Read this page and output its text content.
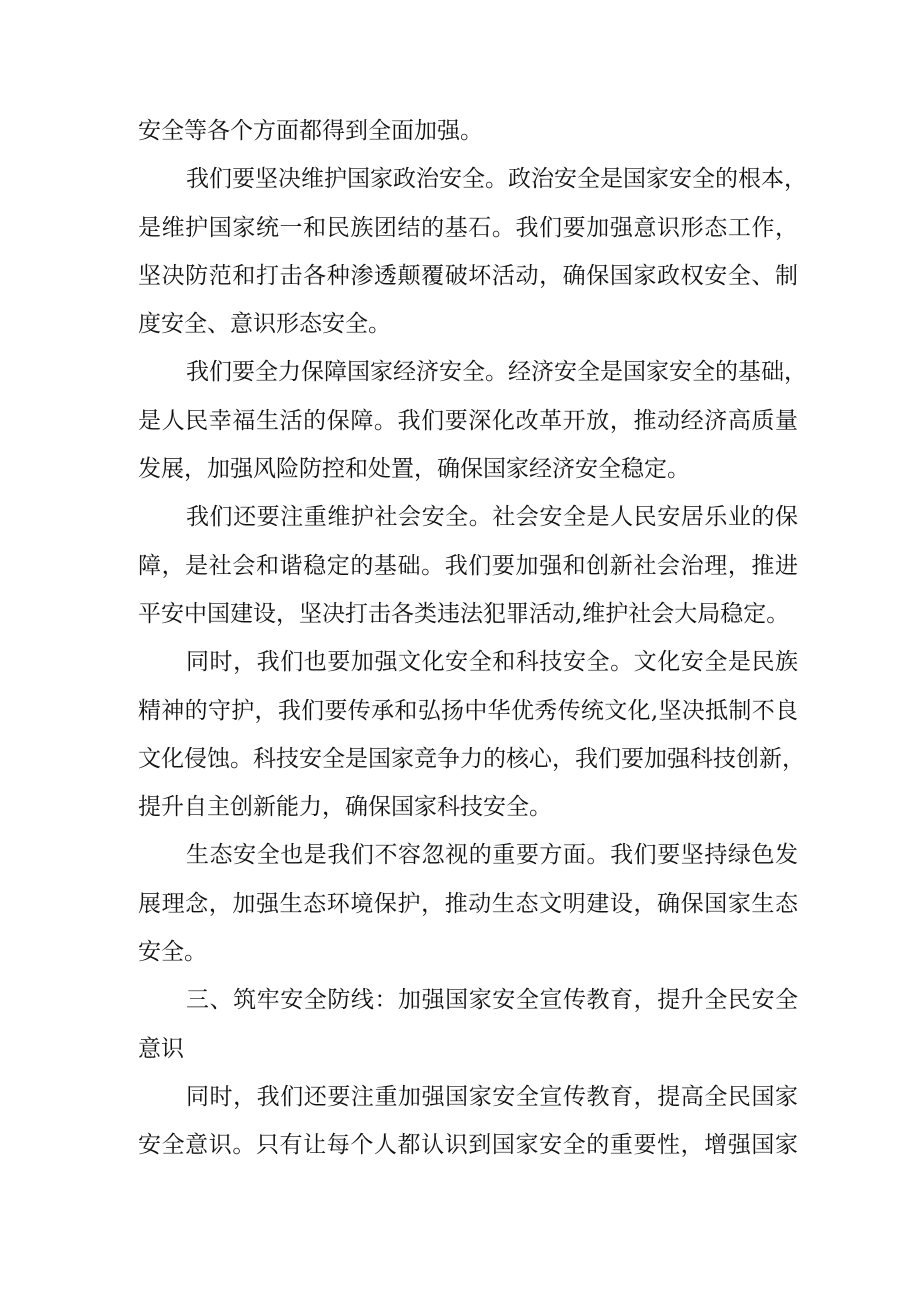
安全等各个方面都得到全面加强。
我们要坚决维护国家政治安全。政治安全是国家安全的根本，
是维护国家统一和民族团结的基石。我们要加强意识形态工作，
坚决防范和打击各种渗透颠覆破坏活动，确保国家政权安全、制
度安全、意识形态安全。
我们要全力保障国家经济安全。经济安全是国家安全的基础，
是人民幸福生活的保障。我们要深化改革开放，推动经济高质量
发展，加强风险防控和处置，确保国家经济安全稳定。
我们还要注重维护社会安全。社会安全是人民安居乐业的保
障，是社会和谐稳定的基础。我们要加强和创新社会治理，推进
平安中国建设，坚决打击各类违法犯罪活动,维护社会大局稳定。
同时，我们也要加强文化安全和科技安全。文化安全是民族
精神的守护，我们要传承和弘扬中华优秀传统文化,坚决抵制不良
文化侵蚀。科技安全是国家竞争力的核心，我们要加强科技创新，
提升自主创新能力，确保国家科技安全。
生态安全也是我们不容忽视的重要方面。我们要坚持绿色发
展理念，加强生态环境保护，推动生态文明建设，确保国家生态
安全。
三、筑牢安全防线：加强国家安全宣传教育，提升全民安全
意识
同时，我们还要注重加强国家安全宣传教育，提高全民国家
安全意识。只有让每个人都认识到国家安全的重要性，增强国家
